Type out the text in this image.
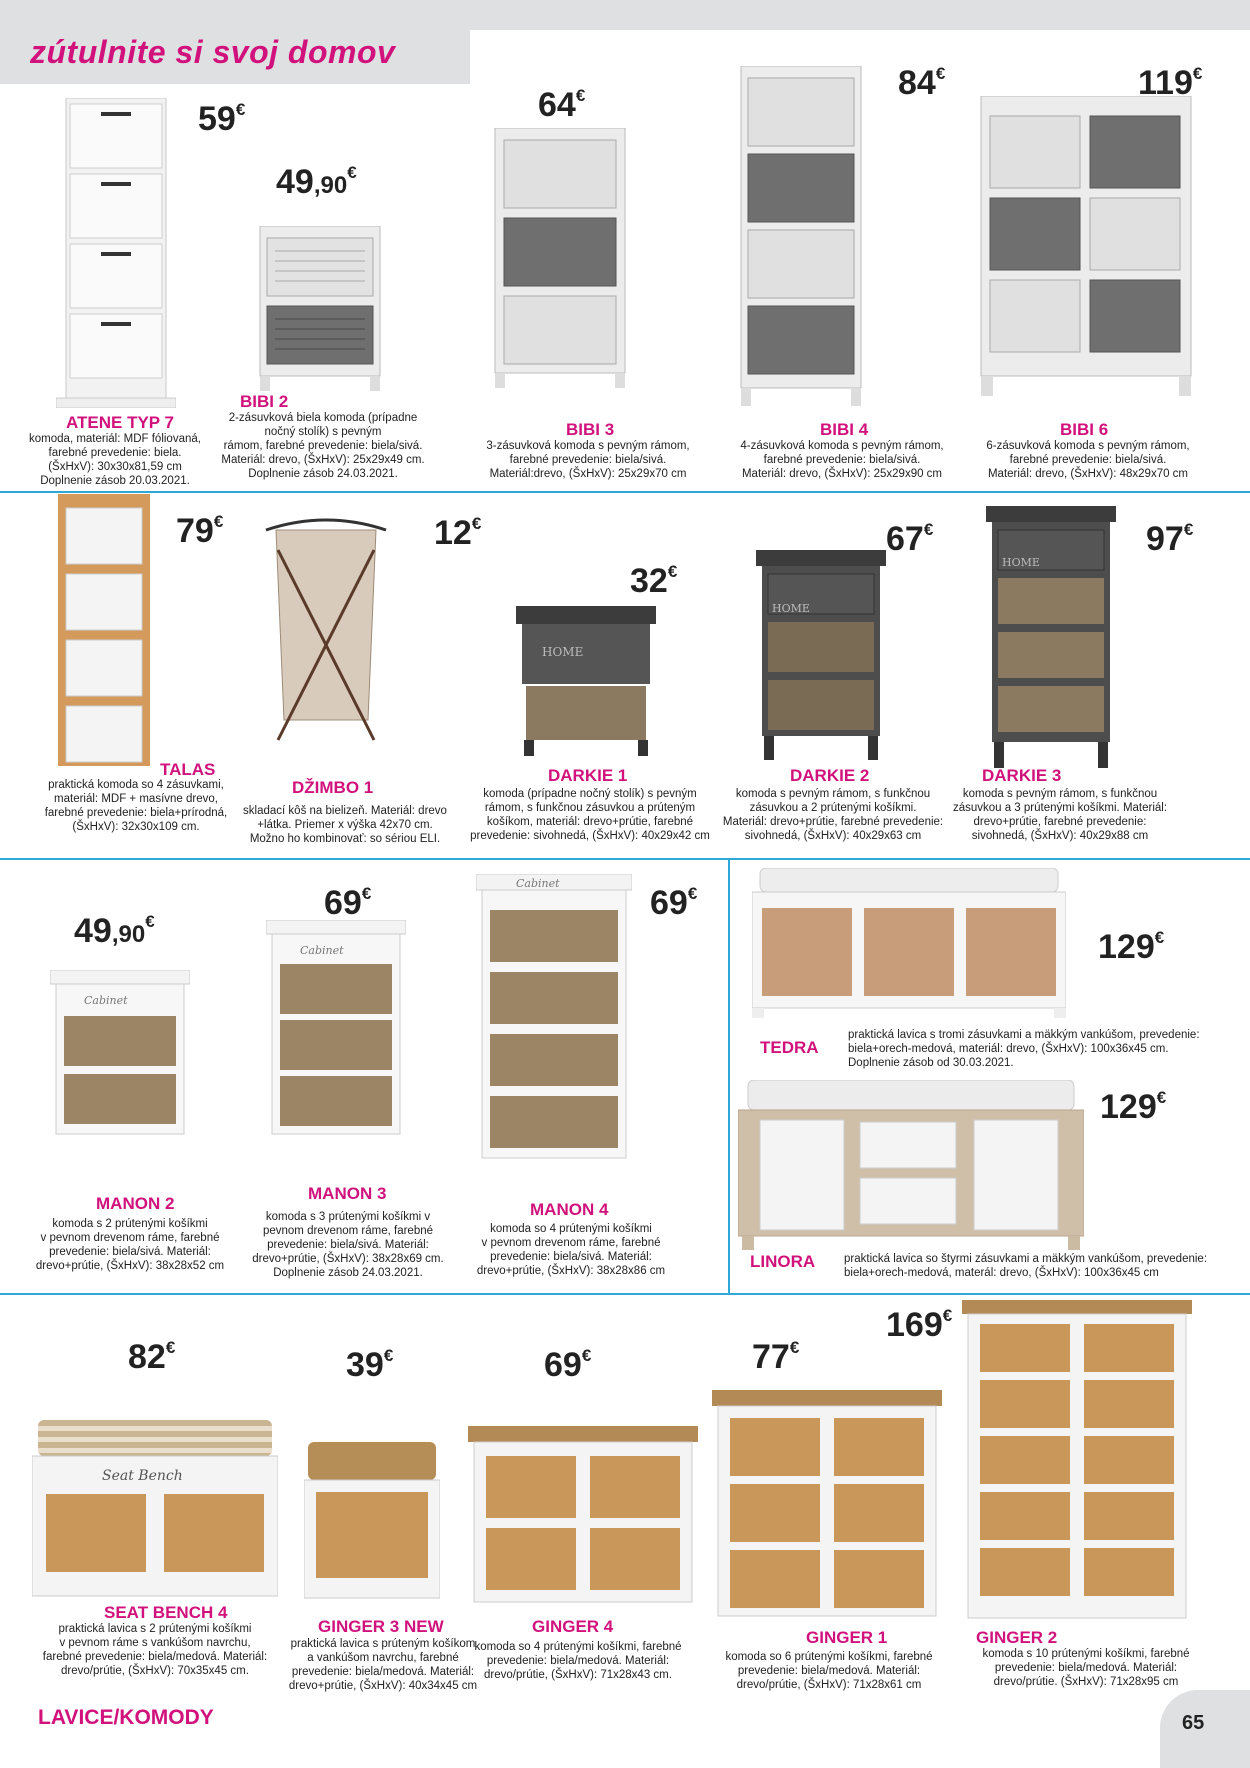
zútulnite si svoj domov
59€
ATENE TYP 7
komoda, materiál: MDF fóliovaná,
farebné prevedenie: biela.
(ŠxHxV): 30x30x81,59 cm
Doplnenie zásob 20.03.2021.
49,90€
BIBI 2
2-zásuvková biela komoda (prípadne
nočný stolík) s pevným
rámom, farebné prevedenie: biela/sivá.
Materiál: drevo, (ŠxHxV): 25x29x49 cm.
Doplnenie zásob 24.03.2021.
64€
BIBI 3
3-zásuvková komoda s pevným rámom,
farebné prevedenie: biela/sivá.
Materiál:drevo, (ŠxHxV): 25x29x70 cm
84€
BIBI 4
4-zásuvková komoda s pevným rámom,
farebné prevedenie: biela/sivá.
Materiál: drevo, (ŠxHxV): 25x29x90 cm
119€
BIBI 6
6-zásuvková komoda s pevným rámom,
farebné prevedenie: biela/sivá.
Materiál: drevo, (ŠxHxV): 48x29x70 cm
79€
TALAS
praktická komoda so 4 zásuvkami,
materiál: MDF + masívne drevo,
farebné prevedenie: biela+prírodná,
(ŠxHxV): 32x30x109 cm.
12€
DŽIMBO 1
skladací kôš na bielizeň. Materiál: drevo
+látka. Priemer x výška 42x70 cm.
Možno ho kombinovať: so sériou ELI.
HOME
32€
DARKIE 1
komoda (prípadne nočný stolík) s pevným
rámom, s funkčnou zásuvkou a prúteným
košíkom, materiál: drevo+prútie, farebné
prevedenie: sivohnedá, (ŠxHxV): 40x29x42 cm
HOME
67€
DARKIE 2
komoda s pevným rámom, s funkčnou
zásuvkou a 2 prútenými košíkmi.
Materiál: drevo+prútie, farebné prevedenie:
sivohnedá, (ŠxHxV): 40x29x63 cm
HOME
97€
DARKIE 3
komoda s pevným rámom, s funkčnou
zásuvkou a 3 prútenými košíkmi. Materiál:
drevo+prútie, farebné prevedenie:
sivohnedá, (ŠxHxV): 40x29x88 cm
Cabinet
49,90€
MANON 2
komoda s 2 prútenými košíkmi
v pevnom drevenom ráme, farebné
prevedenie: biela/sivá. Materiál:
drevo+prútie, (ŠxHxV): 38x28x52 cm
Cabinet
69€
MANON 3
komoda s 3 prútenými košíkmi v
pevnom drevenom ráme, farebné
prevedenie: biela/sivá. Materiál:
drevo+prútie, (ŠxHxV): 38x28x69 cm.
Doplnenie zásob 24.03.2021.
Cabinet
69€
MANON 4
komoda so 4 prútenými košíkmi
v pevnom drevenom ráme, farebné
prevedenie: biela/sivá. Materiál:
drevo+prútie, (ŠxHxV): 38x28x86 cm
129€
TEDRA
praktická lavica s tromi zásuvkami a mäkkým vankúšom, prevedenie:
biela+orech-medová, materiál: drevo, (ŠxHxV): 100x36x45 cm.
Doplnenie zásob od 30.03.2021.
129€
LINORA	praktická lavica so štyrmi zásuvkami a mäkkým vankúšom, prevedenie:
biela+orech-medová, materál: drevo, (ŠxHxV): 100x36x45 cm
Seat Bench
82€
SEAT BENCH 4
praktická lavica s 2 prútenými košíkmi
v pevnom ráme s vankúšom navrchu,
farebné prevedenie: biela/medová. Materiál:
drevo/prútie, (ŠxHxV): 70x35x45 cm.
39€
GINGER 3 NEW
praktická lavica s prúteným košíkom
a vankúšom navrchu, farebné
prevedenie: biela/medová. Materiál:
drevo+prútie, (ŠxHxV): 40x34x45 cm
69€
GINGER 4
komoda so 4 prútenými košíkmi, farebné
prevedenie: biela/medová. Materiál:
drevo/prútie, (ŠxHxV): 71x28x43 cm.
77€
GINGER 1
komoda so 6 prútenými košíkmi, farebné
prevedenie: biela/medová. Materiál:
drevo/prútie, (ŠxHxV): 71x28x61 cm
169€
GINGER 2
komoda s 10 prútenými košíkmi, farebné
prevedenie: biela/medová. Materiál:
drevo/prútie. (ŠxHxV): 71x28x95 cm
LAVICE/KOMODY	65
